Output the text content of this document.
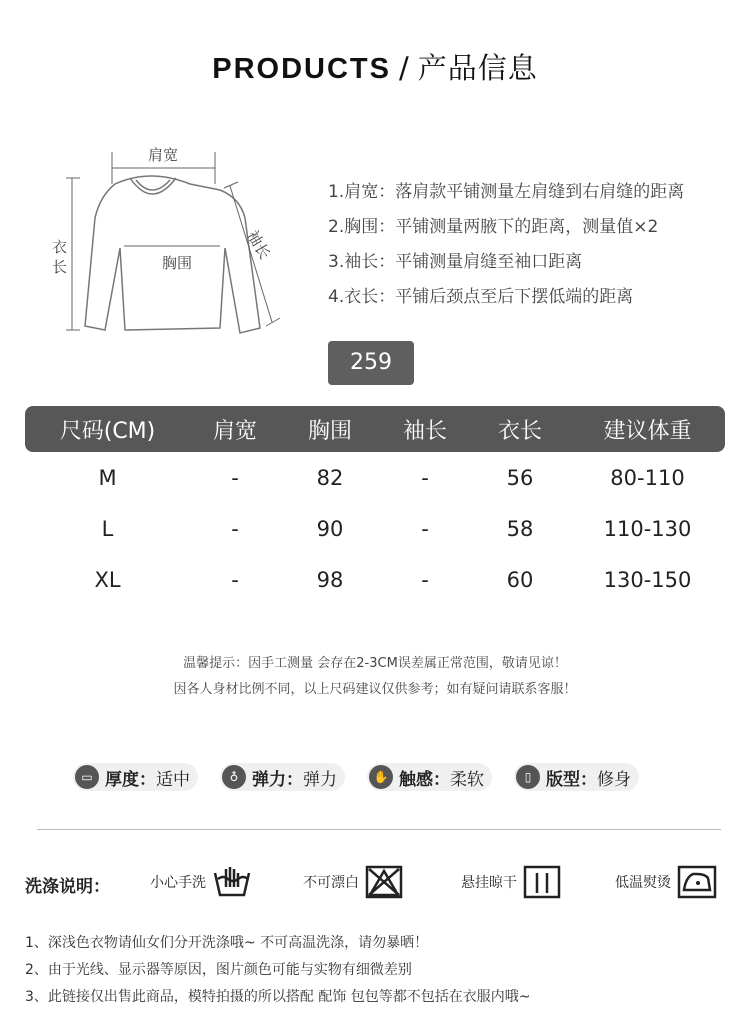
PRODUCTS / 产品信息
肩宽
衣
长	胸围
袖长
1.肩宽：落肩款平铺测量左肩缝到右肩缝的距离
2.胸围：平铺测量两腋下的距离，测量值×2
3.袖长：平铺测量肩缝至袖口距离
4.衣长：平铺后颈点至后下摆低端的距离
259
尺码(CM)	肩宽	胸围	袖长	衣长	建议体重
M	-	82	-	56	80-110
L	-	90	-	58	110-130
XL	-	98	-	60	130-150
温馨提示：因手工测量 会存在2-3CM误差属正常范围，敬请见谅！
因各人身材比例不同，以上尺码建议仅供参考；如有疑问请联系客服！
▭ 厚度： 适中	♁ 弹力： 弹力	✋ 触感： 柔软	▯ 版型： 修身
洗涤说明：	小心手洗	不可漂白	悬挂晾干	低温熨烫
1、深浅色衣物请仙女们分开洗涤哦~ 不可高温洗涤，请勿暴晒！
2、由于光线、显示器等原因，图片颜色可能与实物有细微差别
3、此链接仅出售此商品，模特拍摄的所以搭配 配饰 包包等都不包括在衣服内哦~
